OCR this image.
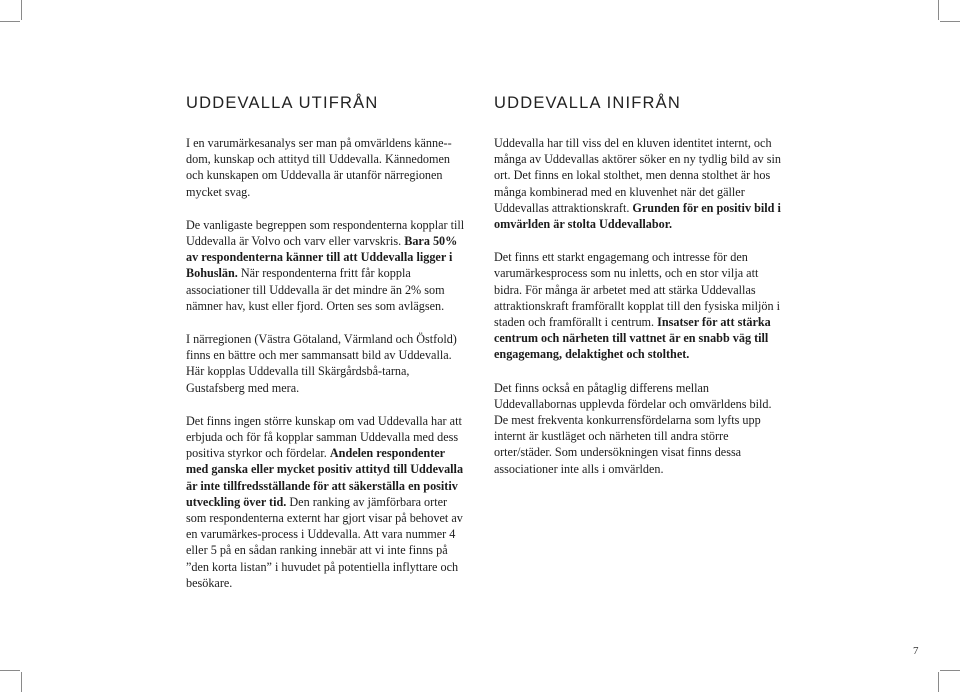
UDDEVALLA UTIFRÅN

I en varumärkesanalys ser man på omvärldens känne-dom, kunskap och attityd till Uddevalla. Kännedomen och kunskapen om Uddevalla är utanför närregionen mycket svag.

De vanligaste begreppen som respondenterna kopplar till Uddevalla är Volvo och varv eller varvskris. Bara 50% av respondenterna känner till att Uddevalla ligger i Bohuslän. När respondenterna fritt får koppla associationer till Uddevalla är det mindre än 2% som nämner hav, kust eller fjord. Orten ses som avlägsen.

I närregionen (Västra Götaland, Värmland och Östfold) finns en bättre och mer sammansatt bild av Uddevalla. Här kopplas Uddevalla till Skärgårdsbå-tarna, Gustafsberg med mera.

Det finns ingen större kunskap om vad Uddevalla har att erbjuda och för få kopplar samman Uddevalla med dess positiva styrkor och fördelar. Andelen respondenter med ganska eller mycket positiv attityd till Uddevalla är inte tillfredsställande för att säkerställa en positiv utveckling över tid. Den ranking av jämförbara orter som respondenterna externt har gjort visar på behovet av en varumärkes-process i Uddevalla. Att vara nummer 4 eller 5 på en sådan ranking innebär att vi inte finns på ”den korta listan” i huvudet på potentiella inflyttare och besökare.

UDDEVALLA INIFRÅN

Uddevalla har till viss del en kluven identitet internt, och många av Uddevallas aktörer söker en ny tydlig bild av sin ort. Det finns en lokal stolthet, men denna stolthet är hos många kombinerad med en kluvenhet när det gäller Uddevallas attraktionskraft. Grunden för en positiv bild i omvärlden är stolta Uddevallabor.

Det finns ett starkt engagemang och intresse för den varumärkesprocess som nu inletts, och en stor vilja att bidra. För många är arbetet med att stärka Uddevallas attraktionskraft framförallt kopplat till den fysiska miljön i staden och framförallt i centrum. Insatser för att stärka centrum och närheten till vattnet är en snabb väg till engagemang, delaktighet och stolthet.

Det finns också en påtaglig differens mellan Uddevallabornas upplevda fördelar och omvärldens bild. De mest frekventa konkurrensfördelarna som lyfts upp internt är kustläget och närheten till andra större orter/städer. Som undersökningen visat finns dessa associationer inte alls i omvärlden.

7
